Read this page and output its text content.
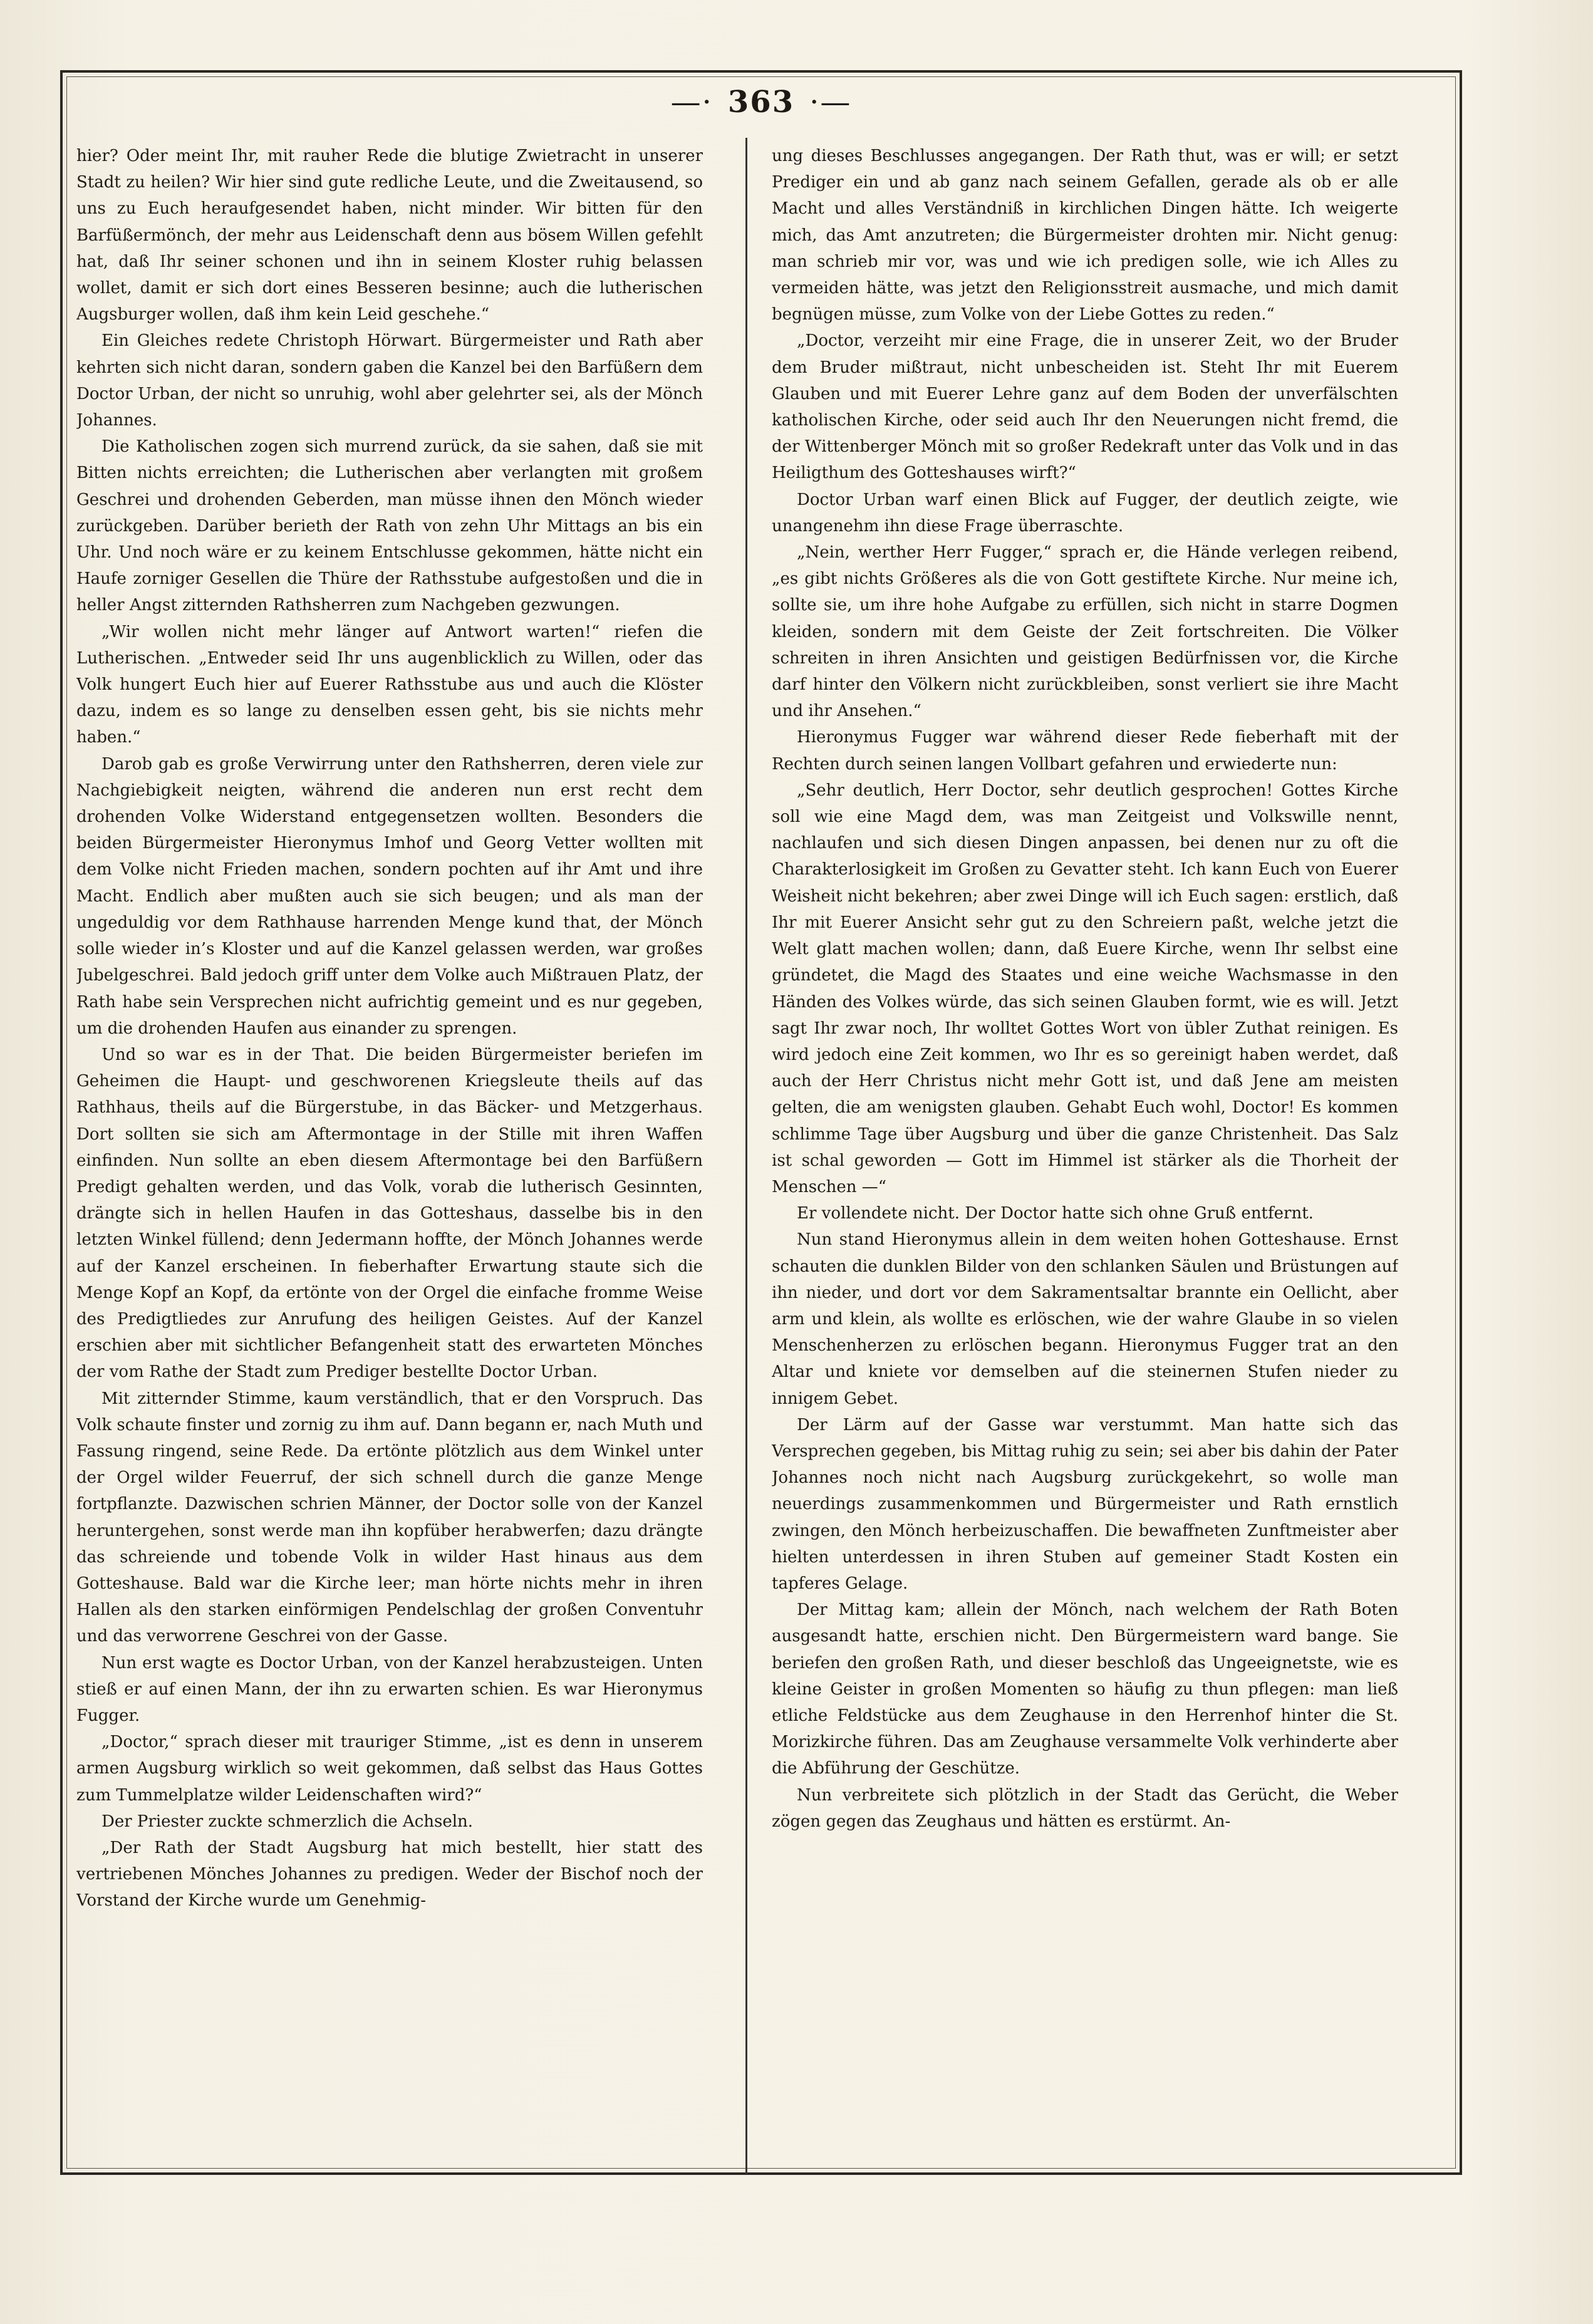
—· 363 ·—

hier? Oder meint Ihr, mit rauher Rede die blutige Zwietracht in unserer Stadt zu heilen? Wir hier sind gute redliche Leute, und die Zweitausend, so uns zu Euch heraufgesendet haben, nicht minder. Wir bitten für den Barfüßermönch, der mehr aus Leidenschaft denn aus bösem Willen gefehlt hat, daß Ihr seiner schonen und ihn in seinem Kloster ruhig belassen wollet, damit er sich dort eines Besseren besinne; auch die lutherischen Augsburger wollen, daß ihm kein Leid geschehe.“

Ein Gleiches redete Christoph Hörwart. Bürgermeister und Rath aber kehrten sich nicht daran, sondern gaben die Kanzel bei den Barfüßern dem Doctor Urban, der nicht so unruhig, wohl aber gelehrter sei, als der Mönch Johannes.

Die Katholischen zogen sich murrend zurück, da sie sahen, daß sie mit Bitten nichts erreichten; die Lutherischen aber verlangten mit großem Geschrei und drohenden Geberden, man müsse ihnen den Mönch wieder zurückgeben. Darüber berieth der Rath von zehn Uhr Mittags an bis ein Uhr. Und noch wäre er zu keinem Entschlusse gekommen, hätte nicht ein Haufe zorniger Gesellen die Thüre der Rathsstube aufgestoßen und die in heller Angst zitternden Rathsherren zum Nachgeben gezwungen.

„Wir wollen nicht mehr länger auf Antwort warten!“ riefen die Lutherischen. „Entweder seid Ihr uns augenblicklich zu Willen, oder das Volk hungert Euch hier auf Euerer Rathsstube aus und auch die Klöster dazu, indem es so lange zu denselben essen geht, bis sie nichts mehr haben.“

Darob gab es große Verwirrung unter den Rathsherren, deren viele zur Nachgiebigkeit neigten, während die anderen nun erst recht dem drohenden Volke Widerstand entgegensetzen wollten. Besonders die beiden Bürgermeister Hieronymus Imhof und Georg Vetter wollten mit dem Volke nicht Frieden machen, sondern pochten auf ihr Amt und ihre Macht. Endlich aber mußten auch sie sich beugen; und als man der ungeduldig vor dem Rathhause harrenden Menge kund that, der Mönch solle wieder in’s Kloster und auf die Kanzel gelassen werden, war großes Jubelgeschrei. Bald jedoch griff unter dem Volke auch Mißtrauen Platz, der Rath habe sein Versprechen nicht aufrichtig gemeint und es nur gegeben, um die drohenden Haufen aus einander zu sprengen.

Und so war es in der That. Die beiden Bürgermeister beriefen im Geheimen die Haupt- und geschworenen Kriegsleute theils auf das Rathhaus, theils auf die Bürgerstube, in das Bäcker- und Metzgerhaus. Dort sollten sie sich am Aftermontage in der Stille mit ihren Waffen einfinden. Nun sollte an eben diesem Aftermontage bei den Barfüßern Predigt gehalten werden, und das Volk, vorab die lutherisch Gesinnten, drängte sich in hellen Haufen in das Gotteshaus, dasselbe bis in den letzten Winkel füllend; denn Jedermann hoffte, der Mönch Johannes werde auf der Kanzel erscheinen. In fieberhafter Erwartung staute sich die Menge Kopf an Kopf, da ertönte von der Orgel die einfache fromme Weise des Predigtliedes zur Anrufung des heiligen Geistes. Auf der Kanzel erschien aber mit sichtlicher Befangenheit statt des erwarteten Mönches der vom Rathe der Stadt zum Prediger bestellte Doctor Urban.

Mit zitternder Stimme, kaum verständlich, that er den Vorspruch. Das Volk schaute finster und zornig zu ihm auf. Dann begann er, nach Muth und Fassung ringend, seine Rede. Da ertönte plötzlich aus dem Winkel unter der Orgel wilder Feuerruf, der sich schnell durch die ganze Menge fortpflanzte. Dazwischen schrien Männer, der Doctor solle von der Kanzel heruntergehen, sonst werde man ihn kopfüber herabwerfen; dazu drängte das schreiende und tobende Volk in wilder Hast hinaus aus dem Gotteshause. Bald war die Kirche leer; man hörte nichts mehr in ihren Hallen als den starken einförmigen Pendelschlag der großen Conventuhr und das verworrene Geschrei von der Gasse.

Nun erst wagte es Doctor Urban, von der Kanzel herabzusteigen. Unten stieß er auf einen Mann, der ihn zu erwarten schien. Es war Hieronymus Fugger.

„Doctor,“ sprach dieser mit trauriger Stimme, „ist es denn in unserem armen Augsburg wirklich so weit gekommen, daß selbst das Haus Gottes zum Tummelplatze wilder Leidenschaften wird?“

Der Priester zuckte schmerzlich die Achseln.

„Der Rath der Stadt Augsburg hat mich bestellt, hier statt des vertriebenen Mönches Johannes zu predigen. Weder der Bischof noch der Vorstand der Kirche wurde um Genehmig-

ung dieses Beschlusses angegangen. Der Rath thut, was er will; er setzt Prediger ein und ab ganz nach seinem Gefallen, gerade als ob er alle Macht und alles Verständniß in kirchlichen Dingen hätte. Ich weigerte mich, das Amt anzutreten; die Bürgermeister drohten mir. Nicht genug: man schrieb mir vor, was und wie ich predigen solle, wie ich Alles zu vermeiden hätte, was jetzt den Religionsstreit ausmache, und mich damit begnügen müsse, zum Volke von der Liebe Gottes zu reden.“

„Doctor, verzeiht mir eine Frage, die in unserer Zeit, wo der Bruder dem Bruder mißtraut, nicht unbescheiden ist. Steht Ihr mit Euerem Glauben und mit Euerer Lehre ganz auf dem Boden der unverfälschten katholischen Kirche, oder seid auch Ihr den Neuerungen nicht fremd, die der Wittenberger Mönch mit so großer Redekraft unter das Volk und in das Heiligthum des Gotteshauses wirft?“

Doctor Urban warf einen Blick auf Fugger, der deutlich zeigte, wie unangenehm ihn diese Frage überraschte.

„Nein, werther Herr Fugger,“ sprach er, die Hände verlegen reibend, „es gibt nichts Größeres als die von Gott gestiftete Kirche. Nur meine ich, sollte sie, um ihre hohe Aufgabe zu erfüllen, sich nicht in starre Dogmen kleiden, sondern mit dem Geiste der Zeit fortschreiten. Die Völker schreiten in ihren Ansichten und geistigen Bedürfnissen vor, die Kirche darf hinter den Völkern nicht zurückbleiben, sonst verliert sie ihre Macht und ihr Ansehen.“

Hieronymus Fugger war während dieser Rede fieberhaft mit der Rechten durch seinen langen Vollbart gefahren und erwiederte nun:

„Sehr deutlich, Herr Doctor, sehr deutlich gesprochen! Gottes Kirche soll wie eine Magd dem, was man Zeitgeist und Volkswille nennt, nachlaufen und sich diesen Dingen anpassen, bei denen nur zu oft die Charakterlosigkeit im Großen zu Gevatter steht. Ich kann Euch von Euerer Weisheit nicht bekehren; aber zwei Dinge will ich Euch sagen: erstlich, daß Ihr mit Euerer Ansicht sehr gut zu den Schreiern paßt, welche jetzt die Welt glatt machen wollen; dann, daß Euere Kirche, wenn Ihr selbst eine gründetet, die Magd des Staates und eine weiche Wachsmasse in den Händen des Volkes würde, das sich seinen Glauben formt, wie es will. Jetzt sagt Ihr zwar noch, Ihr wolltet Gottes Wort von übler Zuthat reinigen. Es wird jedoch eine Zeit kommen, wo Ihr es so gereinigt haben werdet, daß auch der Herr Christus nicht mehr Gott ist, und daß Jene am meisten gelten, die am wenigsten glauben. Gehabt Euch wohl, Doctor! Es kommen schlimme Tage über Augsburg und über die ganze Christenheit. Das Salz ist schal geworden — Gott im Himmel ist stärker als die Thorheit der Menschen —“

Er vollendete nicht. Der Doctor hatte sich ohne Gruß entfernt.

Nun stand Hieronymus allein in dem weiten hohen Gotteshause. Ernst schauten die dunklen Bilder von den schlanken Säulen und Brüstungen auf ihn nieder, und dort vor dem Sakramentsaltar brannte ein Oellicht, aber arm und klein, als wollte es erlöschen, wie der wahre Glaube in so vielen Menschenherzen zu erlöschen begann. Hieronymus Fugger trat an den Altar und kniete vor demselben auf die steinernen Stufen nieder zu innigem Gebet.

Der Lärm auf der Gasse war verstummt. Man hatte sich das Versprechen gegeben, bis Mittag ruhig zu sein; sei aber bis dahin der Pater Johannes noch nicht nach Augsburg zurückgekehrt, so wolle man neuerdings zusammenkommen und Bürgermeister und Rath ernstlich zwingen, den Mönch herbeizuschaffen. Die bewaffneten Zunftmeister aber hielten unterdessen in ihren Stuben auf gemeiner Stadt Kosten ein tapferes Gelage.

Der Mittag kam; allein der Mönch, nach welchem der Rath Boten ausgesandt hatte, erschien nicht. Den Bürgermeistern ward bange. Sie beriefen den großen Rath, und dieser beschloß das Ungeeignetste, wie es kleine Geister in großen Momenten so häufig zu thun pflegen: man ließ etliche Feldstücke aus dem Zeughause in den Herrenhof hinter die St. Morizkirche führen. Das am Zeughause versammelte Volk verhinderte aber die Abführung der Geschütze.

Nun verbreitete sich plötzlich in der Stadt das Gerücht, die Weber zögen gegen das Zeughaus und hätten es erstürmt. An-
